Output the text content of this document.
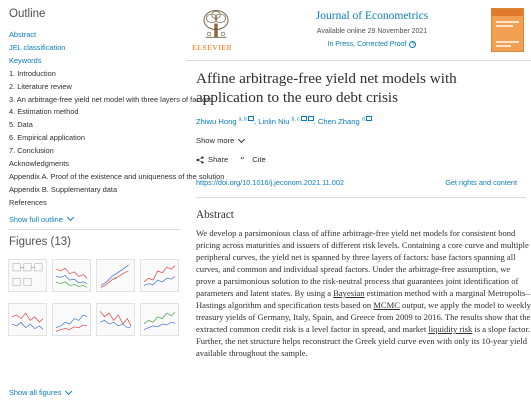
Outline
Abstract
JEL classification
Keywords
1. Introduction
2. Literature review
3. An arbitrage-free yield net model with three layers of factors
4. Estimation method
5. Data
6. Empirical application
7. Conclusion
Acknowledgments
Appendix A. Proof of the existence and uniqueness of the solution
Appendix B. Supplementary data
References
Show full outline
Figures (13)
Show all figures
ELSEVIER
Journal of Econometrics
Available online 29 November 2021
In Press, Corrected Proof	?
Affine arbitrage-free yield net models with application to the euro debt crisis
Zhiwu Hong $^{a, b}$ , Linlin Niu $^{b, c}$ , Chen Zhang $^d$
Show more
Share ” Cite
https://doi.org/10.1016/j.jeconom.2021.11.002	Get rights and content
Abstract
We develop a parsimonious class of affine arbitrage-free yield net models for consistent bond pricing across maturities and issuers of different risk levels. Containing a core curve and multiple peripheral curves, the yield net is spanned by three layers of factors: base factors spanning all curves, and common and individual spread factors. Under the arbitrage-free assumption, we prove a parsimonious solution to the risk-neutral process that guarantees joint identification of parameters and latent states. By using a Bayesian estimation method with a marginal Metropolis–Hastings algorithm and specification tests based on MCMC output, we apply the model to weekly treasury yields of Germany, Italy, Spain, and Greece from 2009 to 2016. The results show that the extracted common credit risk is a level factor in spread, and market liquidity risk is a slope factor. Further, the net structure helps reconstruct the Greek yield curve even with only its 10-year yield available throughout the sample.
